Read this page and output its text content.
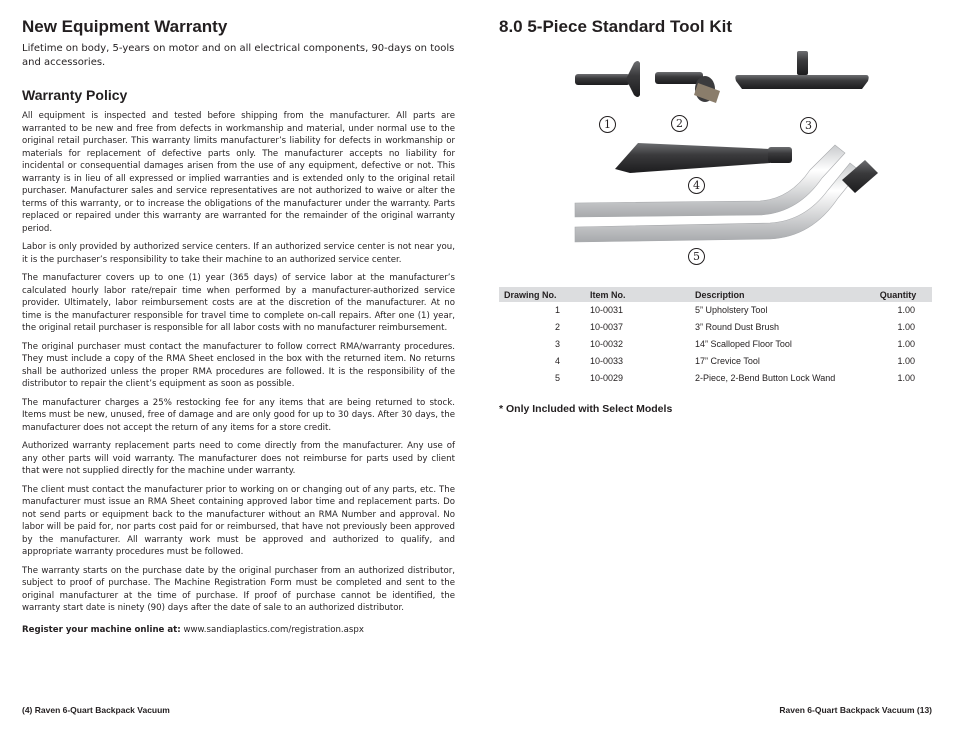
New Equipment Warranty

Lifetime on body, 5-years on motor and on all electrical components, 90-days on tools and accessories.

Warranty Policy

All equipment is inspected and tested before shipping from the manufacturer. All parts are warranted to be new and free from defects in workmanship and material, under normal use to the original retail purchaser. This warranty limits manufacturer’s liability for defects in workmanship or materials for replacement of defective parts only. The manufacturer accepts no liability for incidental or consequential damages arisen from the use of any equipment, defective or not. This warranty is in lieu of all expressed or implied warranties and is extended only to the original retail purchaser. Manufacturer sales and service representatives are not authorized to waive or alter the terms of this warranty, or to increase the obligations of the manufacturer under the warranty. Parts replaced or repaired under this warranty are warranted for the remainder of the original warranty period.

Labor is only provided by authorized service centers. If an authorized service center is not near you, it is the purchaser’s responsibility to take their machine to an authorized service center.

The manufacturer covers up to one (1) year (365 days) of service labor at the manufacturer’s calculated hourly labor rate/repair time when performed by a manufacturer-authorized service provider. Ultimately, labor reimbursement costs are at the discretion of the manufacturer. At no time is the manufacturer responsible for travel time to complete on-call repairs. After one (1) year, the original retail purchaser is responsible for all labor costs with no manufacturer reimbursement.

The original purchaser must contact the manufacturer to follow correct RMA/warranty procedures. They must include a copy of the RMA Sheet enclosed in the box with the returned item. No returns shall be authorized unless the proper RMA procedures are followed. It is the responsibility of the distributor to repair the client’s equipment as soon as possible.

The manufacturer charges a 25% restocking fee for any items that are being returned to stock. Items must be new, unused, free of damage and are only good for up to 30 days. After 30 days, the manufacturer does not accept the return of any items for a store credit.

Authorized warranty replacement parts need to come directly from the manufacturer. Any use of any other parts will void warranty. The manufacturer does not reimburse for parts used by client that were not supplied directly for the machine under warranty.

The client must contact the manufacturer prior to working on or changing out of any parts, etc. The manufacturer must issue an RMA Sheet containing approved labor time and replacement parts. Do not send parts or equipment back to the manufacturer without an RMA Number and approval. No labor will be paid for, nor parts cost paid for or reimbursed, that have not previously been approved by the manufacturer. All warranty work must be approved and authorized to qualify, and appropriate warranty procedures must be followed.

The warranty starts on the purchase date by the original purchaser from an authorized distributor, subject to proof of purchase. The Machine Registration Form must be completed and sent to the original manufacturer at the time of purchase. If proof of purchase cannot be identified, the warranty start date is ninety (90) days after the date of sale to an authorized distributor.

Register your machine online at: www.sandiaplastics.com/registration.aspx
8.0 5-Piece Standard Tool Kit
1	2	3
4
5
Drawing No.	Item No.	Description	Quantity
1	10-0031	5” Upholstery Tool	1.00
2	10-0037	3” Round Dust Brush	1.00
3	10-0032	14” Scalloped Floor Tool	1.00
4	10-0033	17” Crevice Tool	1.00
5	10-0029	2-Piece, 2-Bend Button Lock Wand	1.00
* Only Included with Select Models
(4) Raven 6-Quart Backpack Vacuum	Raven 6-Quart Backpack Vacuum (13)
